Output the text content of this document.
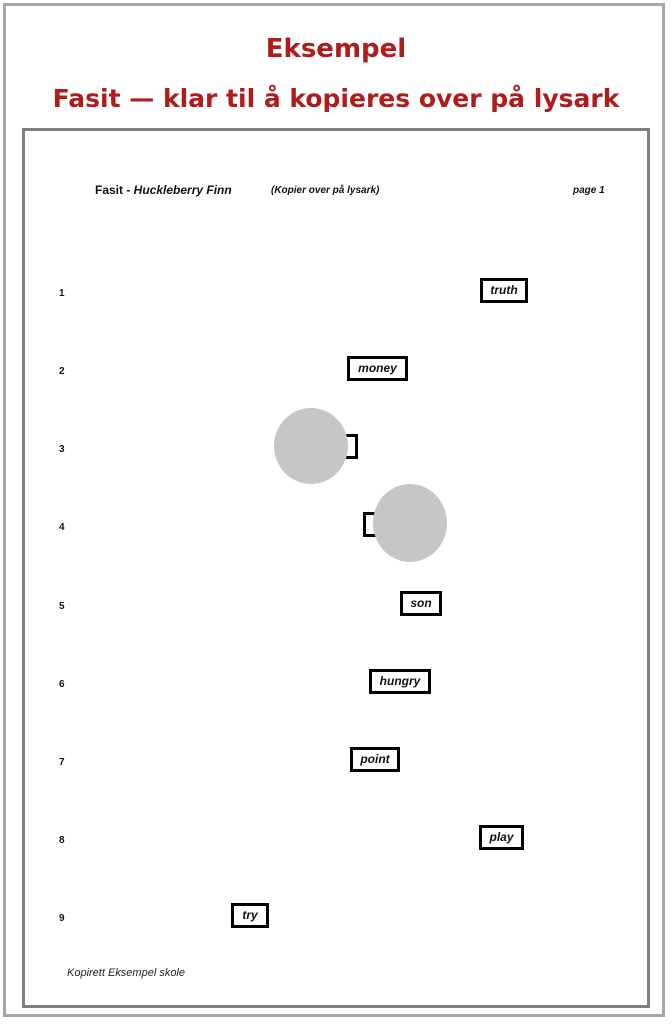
Eksempel
Fasit — klar til å kopieres over på lysark
Fasit - Huckleberry Finn	(Kopier over på lysark)	page 1
1
2
3
4
5
6
7
8
9
truth
money
son
hungry
point
play
try
Kopirett Eksempel skole
